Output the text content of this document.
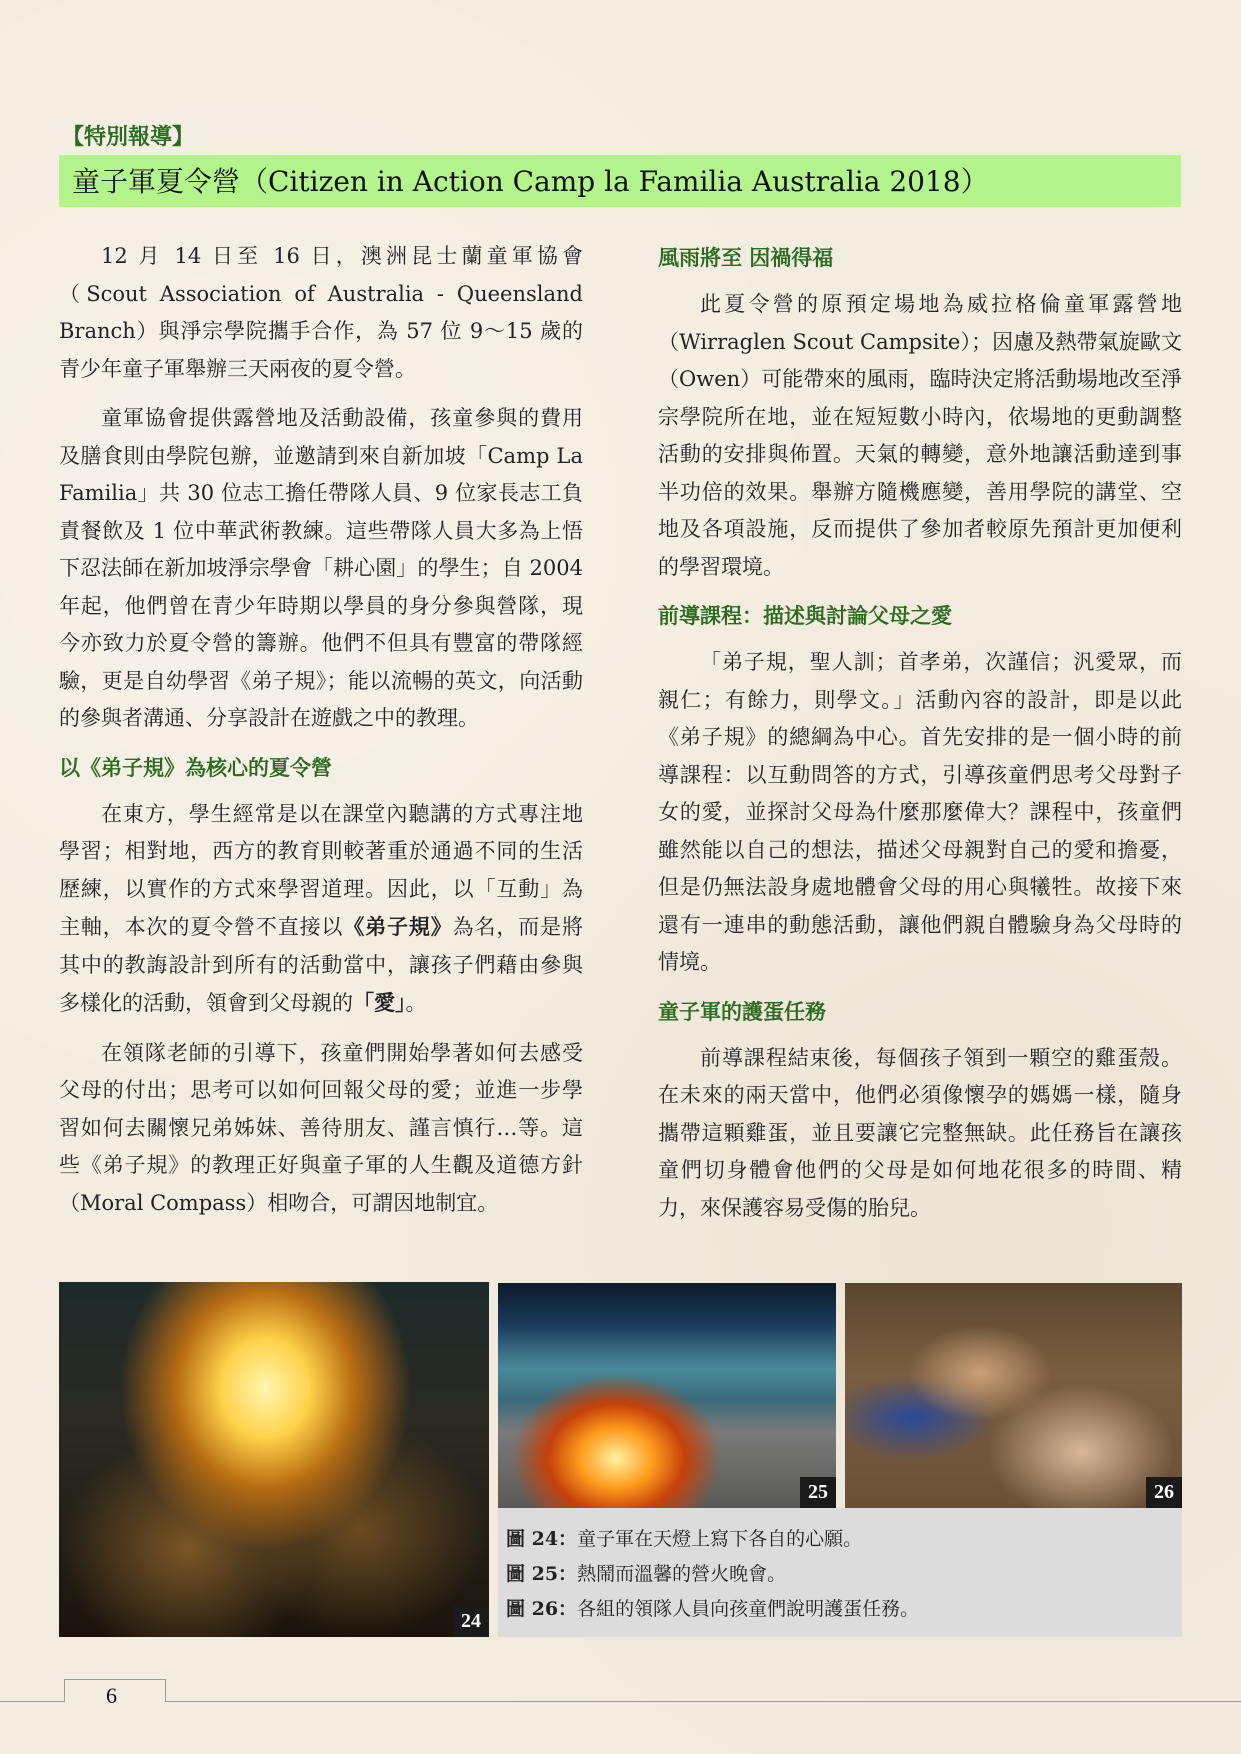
【特別報導】
童子軍夏令營（Citizen in Action Camp la Familia Australia 2018）

12 月 14 日至 16 日，澳洲昆士蘭童軍協會（Scout Association of Australia - Queensland Branch）與淨宗學院攜手合作，為 57 位 9～15 歲的青少年童子軍舉辦三天兩夜的夏令營。

童軍協會提供露營地及活動設備，孩童參與的費用及膳食則由學院包辦，並邀請到來自新加坡「Camp La Familia」共 30 位志工擔任帶隊人員、9 位家長志工負責餐飲及 1 位中華武術教練。這些帶隊人員大多為上悟下忍法師在新加坡淨宗學會「耕心園」的學生；自 2004 年起，他們曾在青少年時期以學員的身分參與營隊，現今亦致力於夏令營的籌辦。他們不但具有豐富的帶隊經驗，更是自幼學習《弟子規》；能以流暢的英文，向活動的參與者溝通、分享設計在遊戲之中的教理。

以《弟子規》為核心的夏令營

在東方，學生經常是以在課堂內聽講的方式專注地學習；相對地，西方的教育則較著重於通過不同的生活歷練，以實作的方式來學習道理。因此，以「互動」為主軸，本次的夏令營不直接以《弟子規》為名，而是將其中的教誨設計到所有的活動當中，讓孩子們藉由參與多樣化的活動，領會到父母親的「愛」。

在領隊老師的引導下，孩童們開始學著如何去感受父母的付出；思考可以如何回報父母的愛；並進一步學習如何去關懷兄弟姊妹、善待朋友、謹言慎行…等。這些《弟子規》的教理正好與童子軍的人生觀及道德方針（Moral Compass）相吻合，可謂因地制宜。

風雨將至 因禍得福

此夏令營的原預定場地為威拉格倫童軍露營地（Wirraglen Scout Campsite）；因慮及熱帶氣旋歐文（Owen）可能帶來的風雨，臨時決定將活動場地改至淨宗學院所在地，並在短短數小時內，依場地的更動調整活動的安排與佈置。天氣的轉變，意外地讓活動達到事半功倍的效果。舉辦方隨機應變，善用學院的講堂、空地及各項設施，反而提供了參加者較原先預計更加便利的學習環境。

前導課程：描述與討論父母之愛

「弟子規，聖人訓；首孝弟，次謹信；汎愛眾，而親仁；有餘力，則學文。」活動內容的設計，即是以此《弟子規》的總綱為中心。首先安排的是一個小時的前導課程：以互動問答的方式，引導孩童們思考父母對子女的愛，並探討父母為什麼那麼偉大？課程中，孩童們雖然能以自己的想法，描述父母親對自己的愛和擔憂，但是仍無法設身處地體會父母的用心與犧牲。故接下來還有一連串的動態活動，讓他們親自體驗身為父母時的情境。

童子軍的護蛋任務

前導課程結束後，每個孩子領到一顆空的雞蛋殼。在未來的兩天當中，他們必須像懷孕的媽媽一樣，隨身攜帶這顆雞蛋，並且要讓它完整無缺。此任務旨在讓孩童們切身體會他們的父母是如何地花很多的時間、精力，來保護容易受傷的胎兒。

24
25	26
圖 24：童子軍在天燈上寫下各自的心願。
圖 25：熱鬧而溫馨的營火晚會。
圖 26：各組的領隊人員向孩童們說明護蛋任務。
6
